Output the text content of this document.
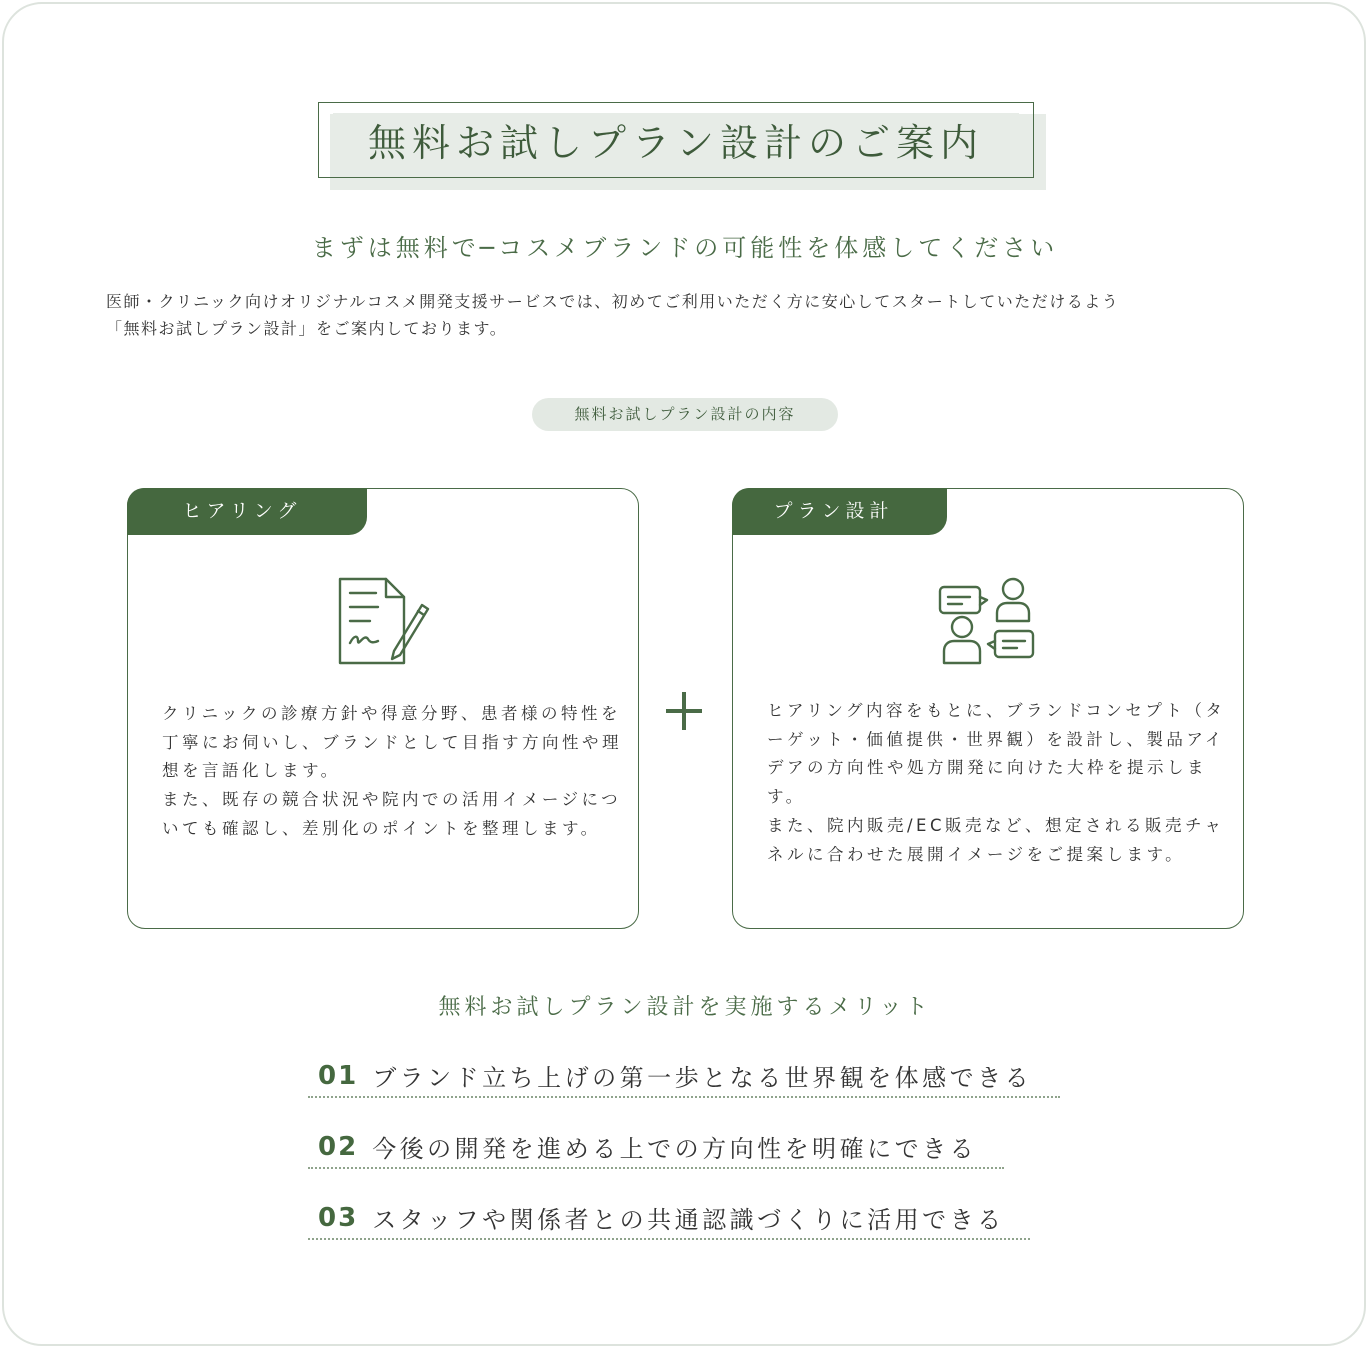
無料お試しプラン設計のご案内
まずは無料で─コスメブランドの可能性を体感してください

医師・クリニック向けオリジナルコスメ開発支援サービスでは、初めてご利用いただく方に安心してスタートしていただけるよう

「無料お試しプラン設計」をご案内しております。

無料お試しプラン設計の内容
ヒアリング

クリニックの診療方針や得意分野、患者様の特性を丁寧にお伺いし、ブランドとして目指す方向性や理想を言語化します。

また、既存の競合状況や院内での活用イメージについても確認し、差別化のポイントを整理します。

プラン設計

ヒアリング内容をもとに、ブランドコンセプト（ターゲット・価値提供・世界観）を設計し、製品アイデアの方向性や処方開発に向けた大枠を提示します。

また、院内販売/EC販売など、想定される販売チャネルに合わせた展開イメージをご提案します。

無料お試しプラン設計を実施するメリット
01 ブランド立ち上げの第一歩となる世界観を体感できる
02 今後の開発を進める上での方向性を明確にできる
03 スタッフや関係者との共通認識づくりに活用できる
